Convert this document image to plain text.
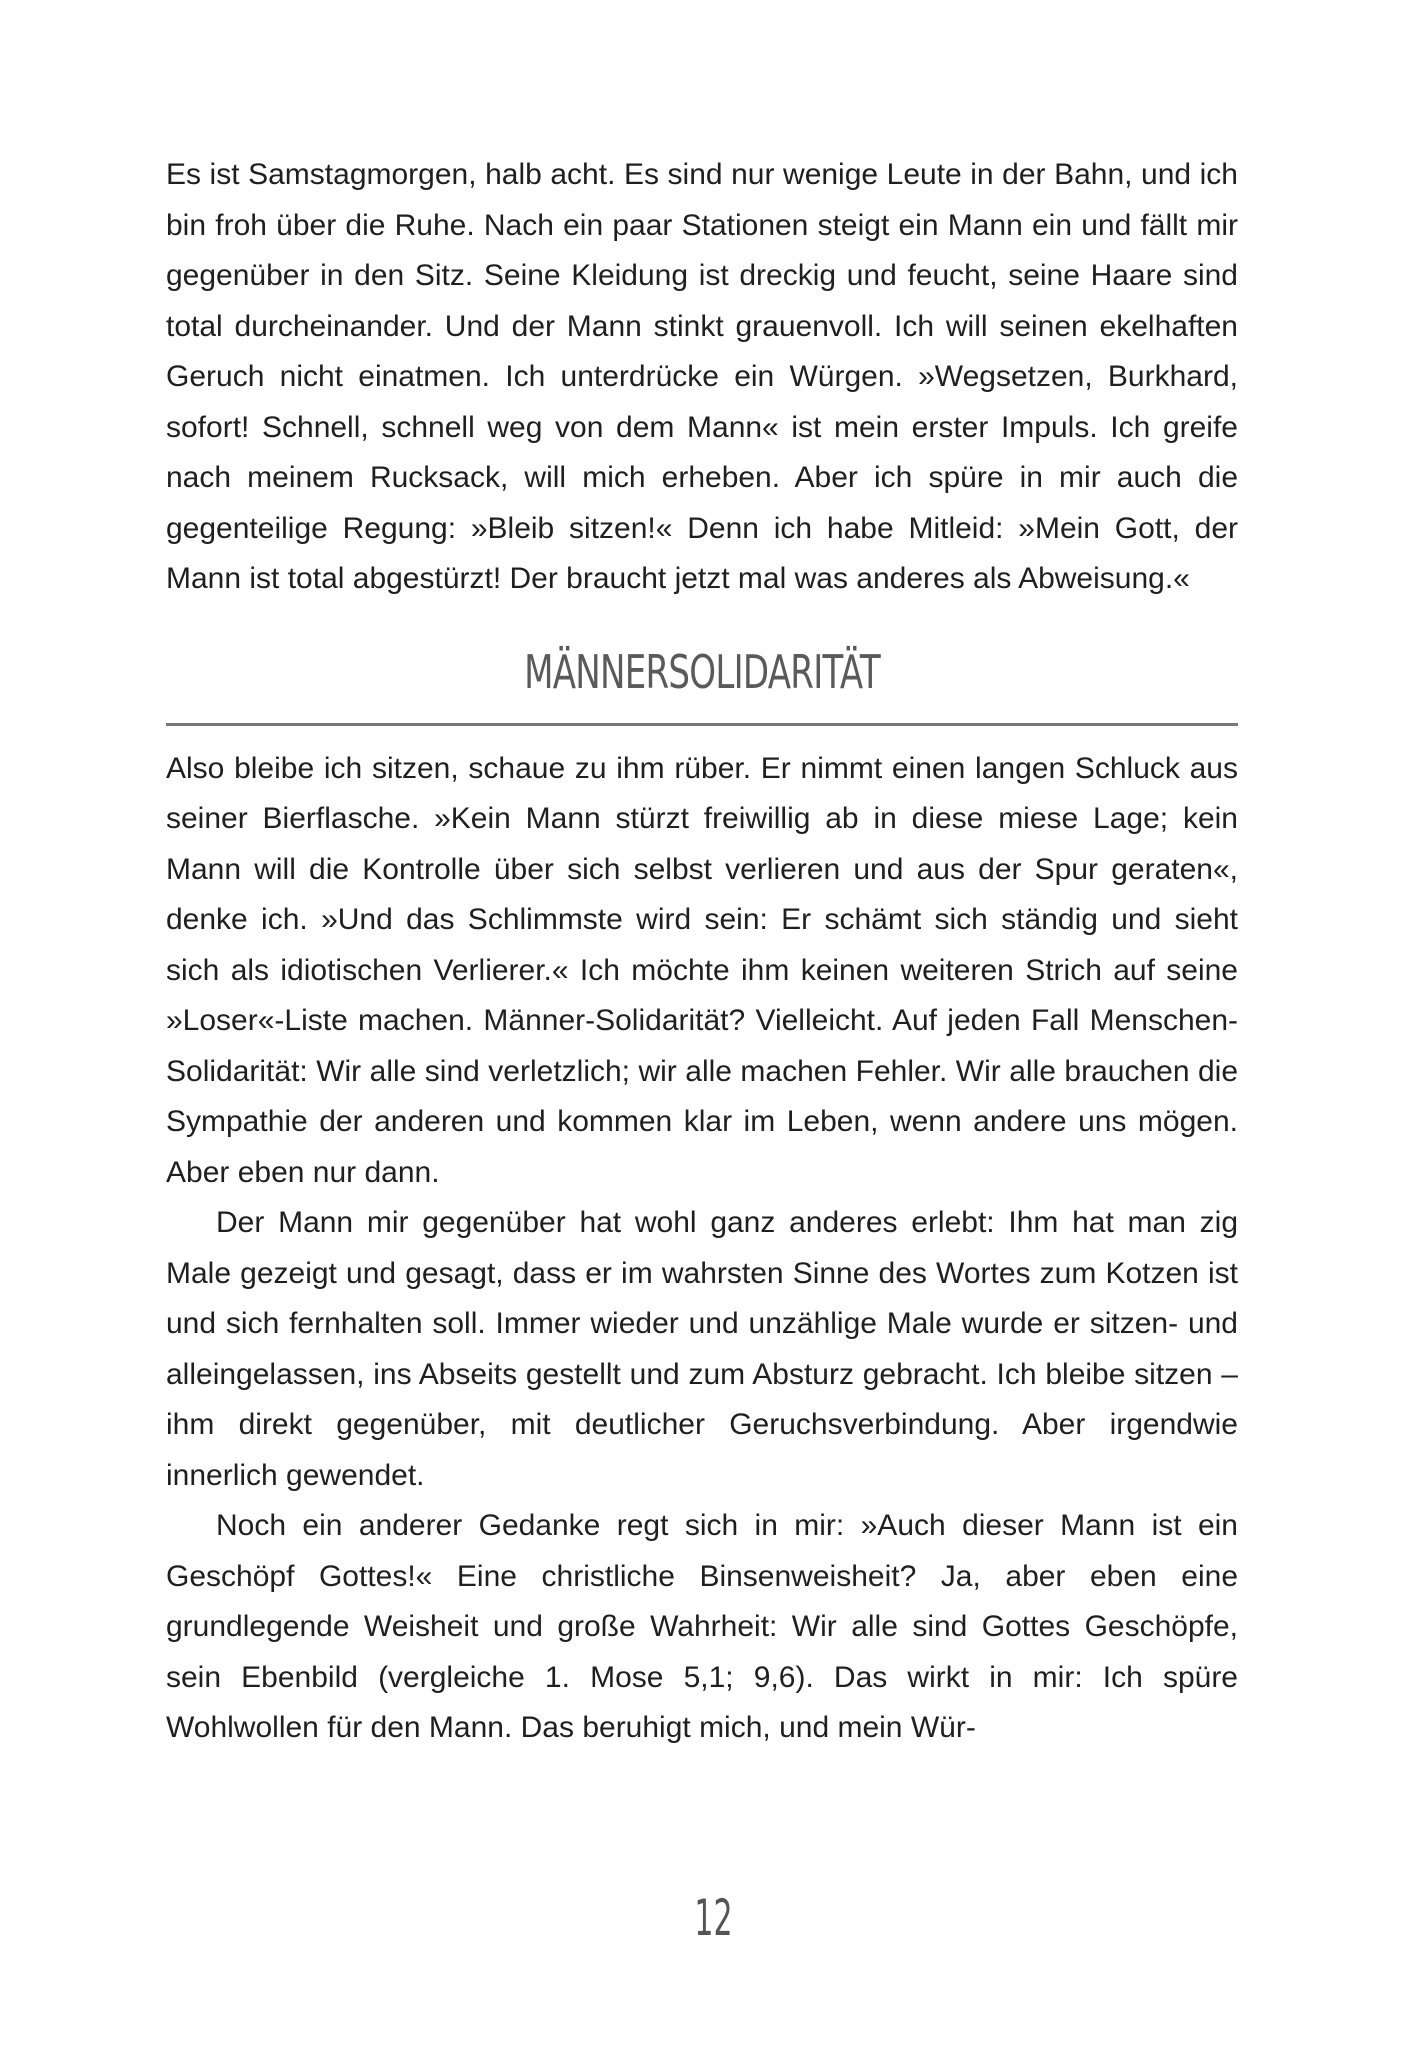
Es ist Samstagmorgen, halb acht. Es sind nur wenige Leute in der Bahn, und ich bin froh über die Ruhe. Nach ein paar Stationen steigt ein Mann ein und fällt mir gegenüber in den Sitz. Seine Kleidung ist dreckig und feucht, seine Haare sind total durcheinander. Und der Mann stinkt grauenvoll. Ich will seinen ekelhaften Geruch nicht einatmen. Ich unterdrücke ein Würgen. »Wegsetzen, Burkhard, sofort! Schnell, schnell weg von dem Mann« ist mein erster Impuls. Ich greife nach meinem Rucksack, will mich erheben. Aber ich spüre in mir auch die gegenteilige Regung: »Bleib sitzen!« Denn ich habe Mitleid: »Mein Gott, der Mann ist total abgestürzt! Der braucht jetzt mal was anderes als Abweisung.«

MÄNNERSOLIDARITÄT

Also bleibe ich sitzen, schaue zu ihm rüber. Er nimmt einen langen Schluck aus seiner Bierflasche. »Kein Mann stürzt freiwillig ab in diese miese Lage; kein Mann will die Kontrolle über sich selbst verlieren und aus der Spur geraten«, denke ich. »Und das Schlimmste wird sein: Er schämt sich ständig und sieht sich als idiotischen Verlierer.« Ich möchte ihm keinen weiteren Strich auf seine »Loser«-Liste machen. Männer-Solidarität? Vielleicht. Auf jeden Fall Menschen-Solidarität: Wir alle sind verletzlich; wir alle machen Fehler. Wir alle brauchen die Sympathie der anderen und kommen klar im Leben, wenn andere uns mögen. Aber eben nur dann.

Der Mann mir gegenüber hat wohl ganz anderes erlebt: Ihm hat man zig Male gezeigt und gesagt, dass er im wahrsten Sinne des Wortes zum Kotzen ist und sich fernhalten soll. Immer wieder und unzählige Male wurde er sitzen- und alleingelassen, ins Abseits gestellt und zum Absturz gebracht. Ich bleibe sitzen – ihm direkt gegenüber, mit deutlicher Geruchsverbindung. Aber irgendwie innerlich gewendet.

Noch ein anderer Gedanke regt sich in mir: »Auch dieser Mann ist ein Geschöpf Gottes!« Eine christliche Binsenweisheit? Ja, aber eben eine grundlegende Weisheit und große Wahrheit: Wir alle sind Gottes Geschöpfe, sein Ebenbild (vergleiche 1. Mose 5,1; 9,6). Das wirkt in mir: Ich spüre Wohlwollen für den Mann. Das beruhigt mich, und mein Wür-

12
